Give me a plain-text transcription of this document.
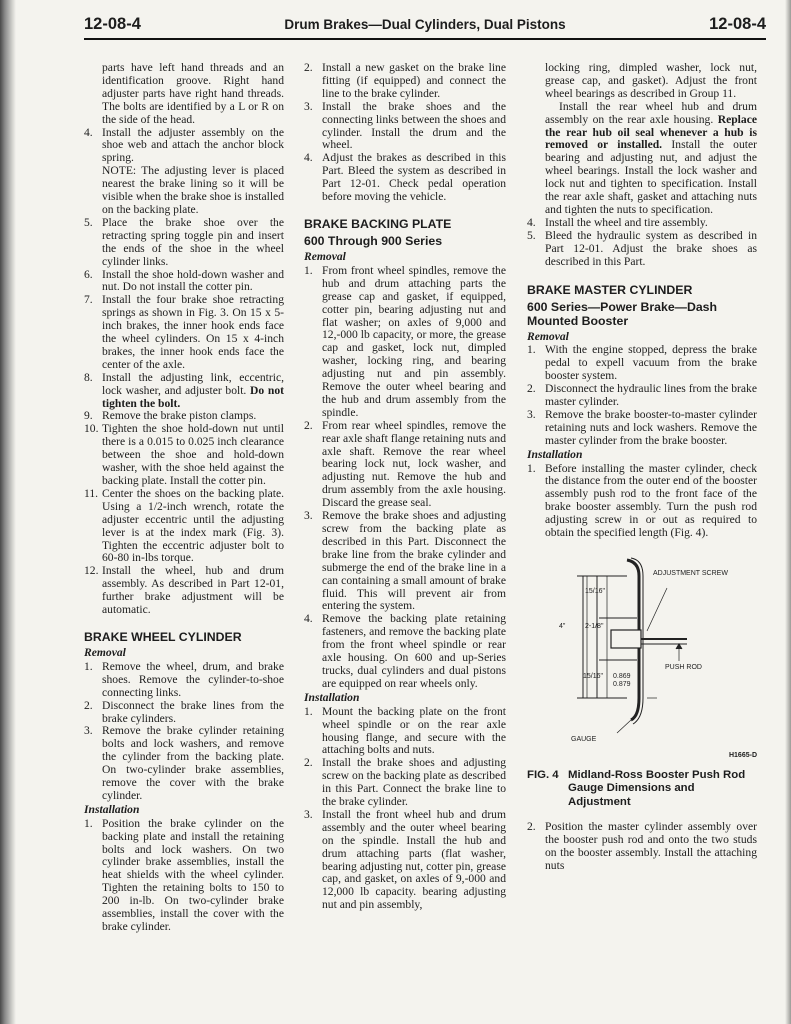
12-08-4	Drum Brakes—Dual Cylinders, Dual Pistons	12-08-4

parts have left hand threads and an identification groove. Right hand adjuster parts have right hand threads. The bolts are identified by a L or R on the side of the head.

4. Install the adjuster assembly on the shoe web and attach the anchor block spring.
NOTE: The adjusting lever is placed nearest the brake lining so it will be visible when the brake shoe is installed on the backing plate.
5. Place the brake shoe over the retracting spring toggle pin and insert the ends of the shoe in the wheel cylinder links.
6. Install the shoe hold-down washer and nut. Do not install the cotter pin.
7. Install the four brake shoe retracting springs as shown in Fig. 3. On 15 x 5-inch brakes, the inner hook ends face the wheel cylinders. On 15 x 4-inch brakes, the inner hook ends face the center of the axle.
8. Install the adjusting link, eccentric, lock washer, and adjuster bolt. Do not tighten the bolt.
9. Remove the brake piston clamps.
10. Tighten the shoe hold-down nut until there is a 0.015 to 0.025 inch clearance between the shoe and hold-down washer, with the shoe held against the backing plate. Install the cotter pin.
11. Center the shoes on the backing plate. Using a 1/2-inch wrench, rotate the adjuster eccentric until the adjusting lever is at the index mark (Fig. 3). Tighten the eccentric adjuster bolt to 60-80 in-lbs torque.
12. Install the wheel, hub and drum assembly. As described in Part 12-01, further brake adjustment will be automatic.
BRAKE WHEEL CYLINDER
Removal
1. Remove the wheel, drum, and brake shoes. Remove the cylinder-to-shoe connecting links.
2. Disconnect the brake lines from the brake cylinders.
3. Remove the brake cylinder retaining bolts and lock washers, and remove the cylinder from the backing plate. On two-cylinder brake assemblies, remove the cover with the brake cylinder.
Installation
1. Position the brake cylinder on the backing plate and install the retaining bolts and lock washers. On two cylinder brake assemblies, install the heat shields with the wheel cylinder. Tighten the retaining bolts to 150 to 200 in-lb. On two-cylinder brake assemblies, install the cover with the brake cylinder.
2. Install a new gasket on the brake line fitting (if equipped) and connect the line to the brake cylinder.
3. Install the brake shoes and the connecting links between the shoes and cylinder. Install the drum and the wheel.
4. Adjust the brakes as described in this Part. Bleed the system as described in Part 12-01. Check pedal operation before moving the vehicle.
BRAKE BACKING PLATE
600 Through 900 Series
Removal
1. From front wheel spindles, remove the hub and drum attaching parts the grease cap and gasket, if equipped, cotter pin, bearing adjusting nut and flat washer; on axles of 9,000 and 12,-000 lb capacity, or more, the grease cap and gasket, lock nut, dimpled washer, locking ring, and bearing adjusting nut and pin assembly. Remove the outer wheel bearing and the hub and drum assembly from the spindle.
2. From rear wheel spindles, remove the rear axle shaft flange retaining nuts and axle shaft. Remove the rear wheel bearing lock nut, lock washer, and adjusting nut. Remove the hub and drum assembly from the axle housing. Discard the grease seal.
3. Remove the brake shoes and adjusting screw from the backing plate as described in this Part. Disconnect the brake line from the brake cylinder and submerge the end of the brake line in a can containing a small amount of brake fluid. This will prevent air from entering the system.
4. Remove the backing plate retaining fasteners, and remove the backing plate from the front wheel spindle or rear axle housing. On 600 and up-Series trucks, dual cylinders and dual pistons are equipped on rear wheels only.
Installation
1. Mount the backing plate on the front wheel spindle or on the rear axle housing flange, and secure with the attaching bolts and nuts.
2. Install the brake shoes and adjusting screw on the backing plate as described in this Part. Connect the brake line to the brake cylinder.
3. Install the front wheel hub and drum assembly and the outer wheel bearing on the spindle. Install the hub and drum attaching parts (flat washer, bearing adjusting nut, cotter pin, grease cap, and gasket, on axles of 9,-000 and 12,000 lb capacity. bearing adjusting nut and pin assembly,

locking ring, dimpled washer, lock nut, grease cap, and gasket). Adjust the front wheel bearings as described in Group 11.

Install the rear wheel hub and drum assembly on the rear axle housing. Replace the rear hub oil seal whenever a hub is removed or installed. Install the outer bearing and adjusting nut, and adjust the wheel bearings. Install the lock washer and lock nut and tighten to specification. Install the rear axle shaft, gasket and attaching nuts and tighten the nuts to specification.

4. Install the wheel and tire assembly.
5. Bleed the hydraulic system as described in Part 12-01. Adjust the brake shoes as described in this Part.
BRAKE MASTER CYLINDER
600 Series—Power Brake—Dash Mounted Booster
Removal
1. With the engine stopped, depress the brake pedal to expell vacuum from the brake booster system.
2. Disconnect the hydraulic lines from the brake master cylinder.
3. Remove the brake booster-to-master cylinder retaining nuts and lock washers. Remove the master cylinder from the brake booster.
Installation
1. Before installing the master cylinder, check the distance from the outer end of the booster assembly push rod to the front face of the brake booster assembly. Turn the push rod adjusting screw in or out as required to obtain the specified length (Fig. 4).
ADJUSTMENT SCREW
15/16"
2-1/8"
4"
15/16" 0.869
0.879
PUSH ROD
GAUGE
H1665-D
FIG. 4 Midland-Ross Booster Push Rod Gauge Dimensions and Adjustment
2. Position the master cylinder assembly over the booster push rod and onto the two studs on the booster assembly. Install the attaching nuts
